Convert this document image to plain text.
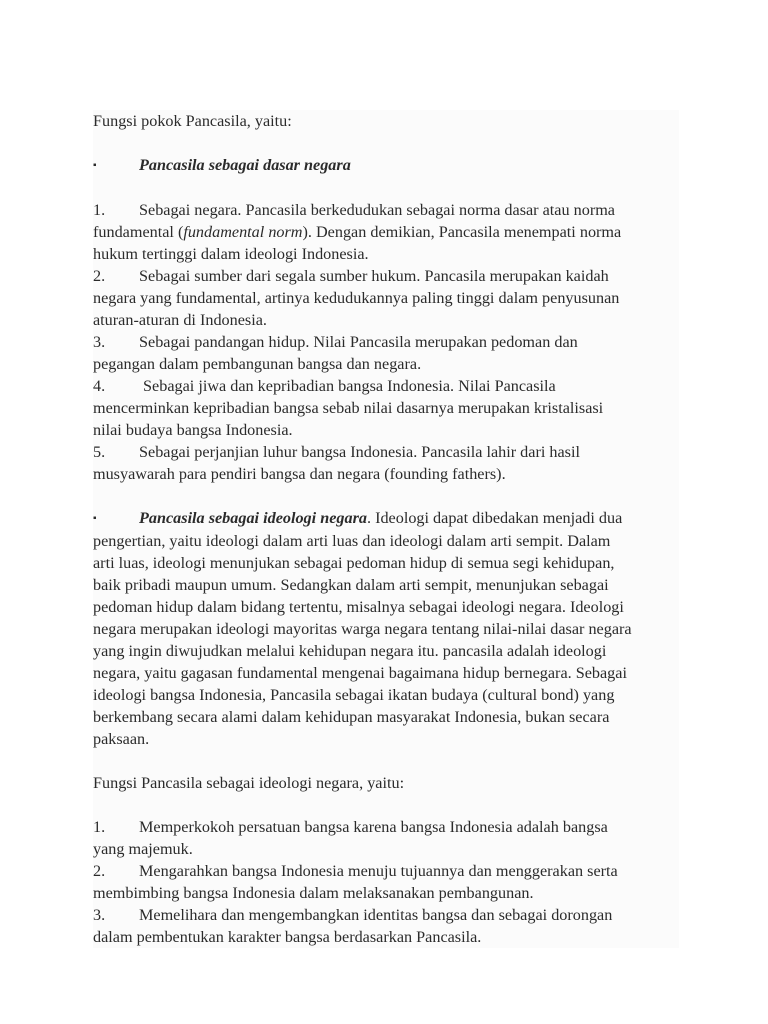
Fungsi pokok Pancasila, yaitu:

▪	Pancasila sebagai dasar negara

1. Sebagai negara. Pancasila berkedudukan sebagai norma dasar atau norma

fundamental (fundamental norm). Dengan demikian, Pancasila menempati norma

hukum tertinggi dalam ideologi Indonesia.

2. Sebagai sumber dari segala sumber hukum. Pancasila merupakan kaidah

negara yang fundamental, artinya kedudukannya paling tinggi dalam penyusunan

aturan-aturan di Indonesia.

3. Sebagai pandangan hidup. Nilai Pancasila merupakan pedoman dan

pegangan dalam pembangunan bangsa dan negara.

4. Sebagai jiwa dan kepribadian bangsa Indonesia. Nilai Pancasila

mencerminkan kepribadian bangsa sebab nilai dasarnya merupakan kristalisasi

nilai budaya bangsa Indonesia.

5. Sebagai perjanjian luhur bangsa Indonesia. Pancasila lahir dari hasil

musyawarah para pendiri bangsa dan negara (founding fathers).

▪	Pancasila sebagai ideologi negara. Ideologi dapat dibedakan menjadi dua

pengertian, yaitu ideologi dalam arti luas dan ideologi dalam arti sempit. Dalam

arti luas, ideologi menunjukan sebagai pedoman hidup di semua segi kehidupan,

baik pribadi maupun umum. Sedangkan dalam arti sempit, menunjukan sebagai

pedoman hidup dalam bidang tertentu, misalnya sebagai ideologi negara. Ideologi

negara merupakan ideologi mayoritas warga negara tentang nilai-nilai dasar negara

yang ingin diwujudkan melalui kehidupan negara itu. pancasila adalah ideologi

negara, yaitu gagasan fundamental mengenai bagaimana hidup bernegara. Sebagai

ideologi bangsa Indonesia, Pancasila sebagai ikatan budaya (cultural bond) yang

berkembang secara alami dalam kehidupan masyarakat Indonesia, bukan secara

paksaan.

Fungsi Pancasila sebagai ideologi negara, yaitu:

1. Memperkokoh persatuan bangsa karena bangsa Indonesia adalah bangsa

yang majemuk.

2. Mengarahkan bangsa Indonesia menuju tujuannya dan menggerakan serta

membimbing bangsa Indonesia dalam melaksanakan pembangunan.

3. Memelihara dan mengembangkan identitas bangsa dan sebagai dorongan

dalam pembentukan karakter bangsa berdasarkan Pancasila.
